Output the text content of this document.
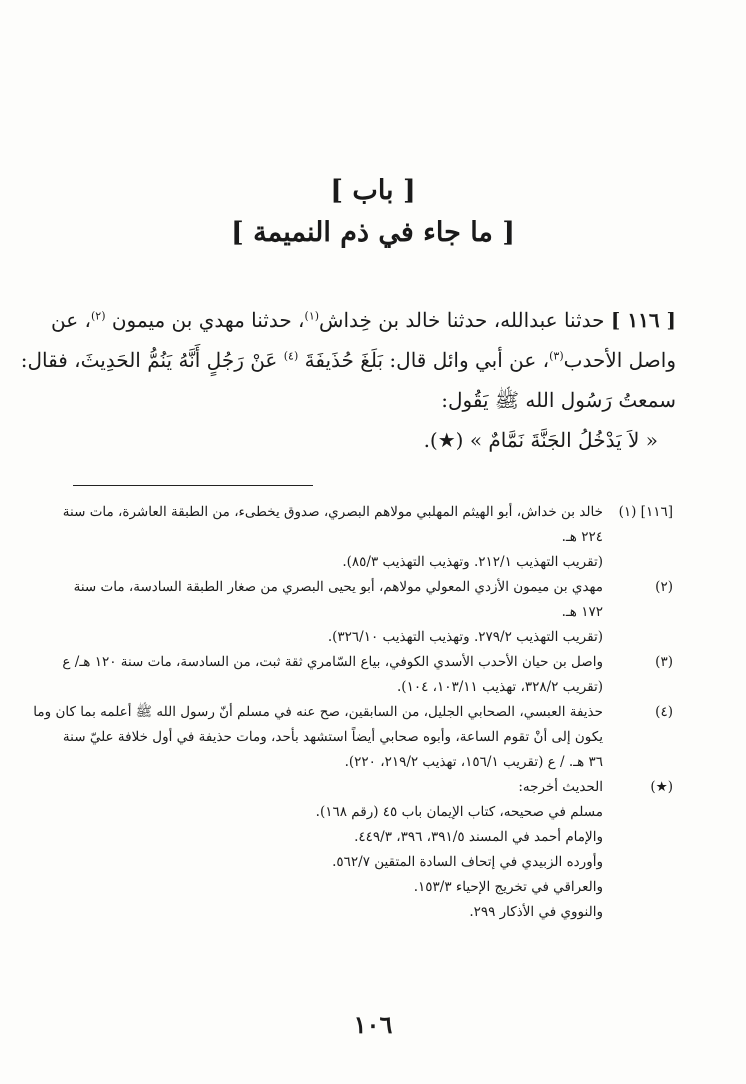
[ باب ]
[ ما جاء في ذم النميمة ]
[ ١١٦ ] حدثنا عبدالله، حدثنا خالد بن خِداش$^{(١)}$، حدثنا مهدي بن ميمون $^{(٢)}$، عن
واصل الأحدب$^{(٣)}$، عن أبي وائل قال: بَلَغَ حُذَيفَةَ $^{(٤)}$ عَنْ رَجُلٍ أَنَّهُ يَنُمُّ الحَدِيثَ، فقال:
سمعتُ رَسُول الله ﷺ يَقُول:
« لاَ يَدْخُلُ الجَنَّةَ نَمَّامٌ » (★).
[١١٦] (١)
خالد بن خداش، أبو الهيثم المهلبي مولاهم البصري، صدوق يخطىء، من الطبقة العاشرة، مات سنة
٢٢٤ هـ.
(تقريب التهذيب ٢١٢/١. وتهذيب التهذيب ٨٥/٣).
(٢)
مهدي بن ميمون الأزدي المعولي مولاهم، أبو يحيى البصري من صغار الطبقة السادسة، مات سنة
١٧٢ هـ.
(تقريب التهذيب ٢٧٩/٢. وتهذيب التهذيب ٣٢٦/١٠).
(٣)
واصل بن حيان الأحدب الأسدي الكوفي، بياع السّامري ثقة ثبت، من السادسة، مات سنة ١٢٠ هـ/ ع
(تقريب ٣٢٨/٢، تهذيب ١٠٣/١١، ١٠٤).
(٤)
حذيفة العبسي، الصحابي الجليل، من السابقين، صح عنه في مسلم أنّ رسول الله ﷺ أعلمه بما كان وما
يكون إلى أنْ تقوم الساعة، وأبوه صحابي أيضاً استشهد بأحد، ومات حذيفة في أول خلافة عليّ سنة
٣٦ هـ. / ع (تقريب ١٥٦/١، تهذيب ٢١٩/٢، ٢٢٠).
(★)
الحديث أخرجه:
مسلم في صحيحه، كتاب الإيمان باب ٤٥ (رقم ١٦٨).
والإمام أحمد في المسند ٣٩١/٥، ٣٩٦، ٤٤٩/٣.
وأورده الزبيدي في إتحاف السادة المتقين ٥٦٢/٧.
والعراقي في تخريج الإحياء ١٥٣/٣.
والنووي في الأذكار ٢٩٩.
١٠٦
